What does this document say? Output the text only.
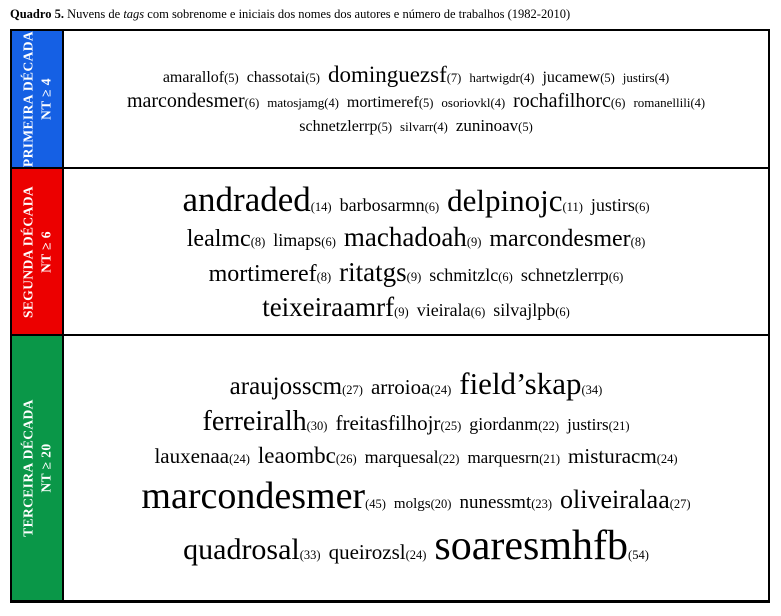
Quadro 5. Nuvens de tags com sobrenome e iniciais dos nomes dos autores e número de trabalhos (1982-2010)
PRIMEIRA DÉCADA NT ≥ 4
amarallof(5) chassotai(5) dominguezsf(7) hartwigdr(4) jucamew(5) justirs(4)
marcondesmer(6) matosjamg(4) mortimeref(5) osoriovkl(4) rochafilhorc(6) romanellili(4)
schnetzlerrp(5) silvarr(4) zuninoav(5)
SEGUNDA DÉCADA NT ≥ 6
andraded(14) barbosarmn(6) delpinojc(11) justirs(6)
lealmc(8) limaps(6) machadoah(9) marcondesmer(8)
mortimeref(8) ritatgs(9) schmitzlc(6) schnetzlerrp(6)
teixeiraamrf(9) vieirala(6) silvajlpb(6)
TERCEIRA DÉCADA NT ≥ 20
araujosscm(27) arroioa(24) field’skap(34)
ferreiralh(30) freitasfilhojr(25) giordanm(22) justirs(21)
lauxenaa(24) leaombc(26) marquesal(22) marquesrn(21) misturacm(24)
marcondesmer(45) molgs(20) nunessmt(23) oliveiralaa(27)
quadrosal(33) queirozsl(24) soaresmhfb(54)
